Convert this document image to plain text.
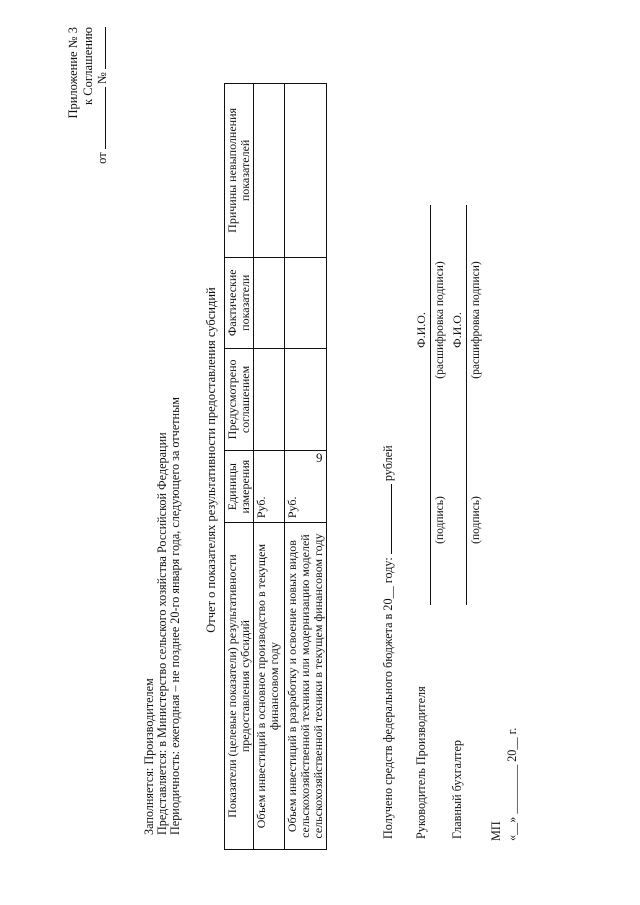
9
Приложение № 3 к Соглашению
от  №
Заполняется: Производителем Представляется: в Министерство сельского хозяйства Российской Федерации Периодичность: ежегодная – не позднее 20-го января года, следующего за отчетным Отчет о показателях результативности предоставления субсидий
Показатели (целевые показатели) результативности предоставления субсидий	Единицы измерения	Предусмотрено соглашением	Фактические показатели	Причины невыполнения показателей
Объем инвестиций в основное производство в текущем финансовом году	Руб.			
Объем инвестиций в разработку и освоение новых видов сельскохозяйственной техники или модернизацию моделей сельскохозяйственной техники в текущем финансовом году	Руб.			
Получено средств федерального бюджета в 20__ году:  рублей
Руководитель Производителя
(подпись)
Ф.И.О. (расшифровка подписи)
Главный бухгалтер
(подпись)
Ф.И.О. (расшифровка подписи)
МП «__» ________ 20__ г.
